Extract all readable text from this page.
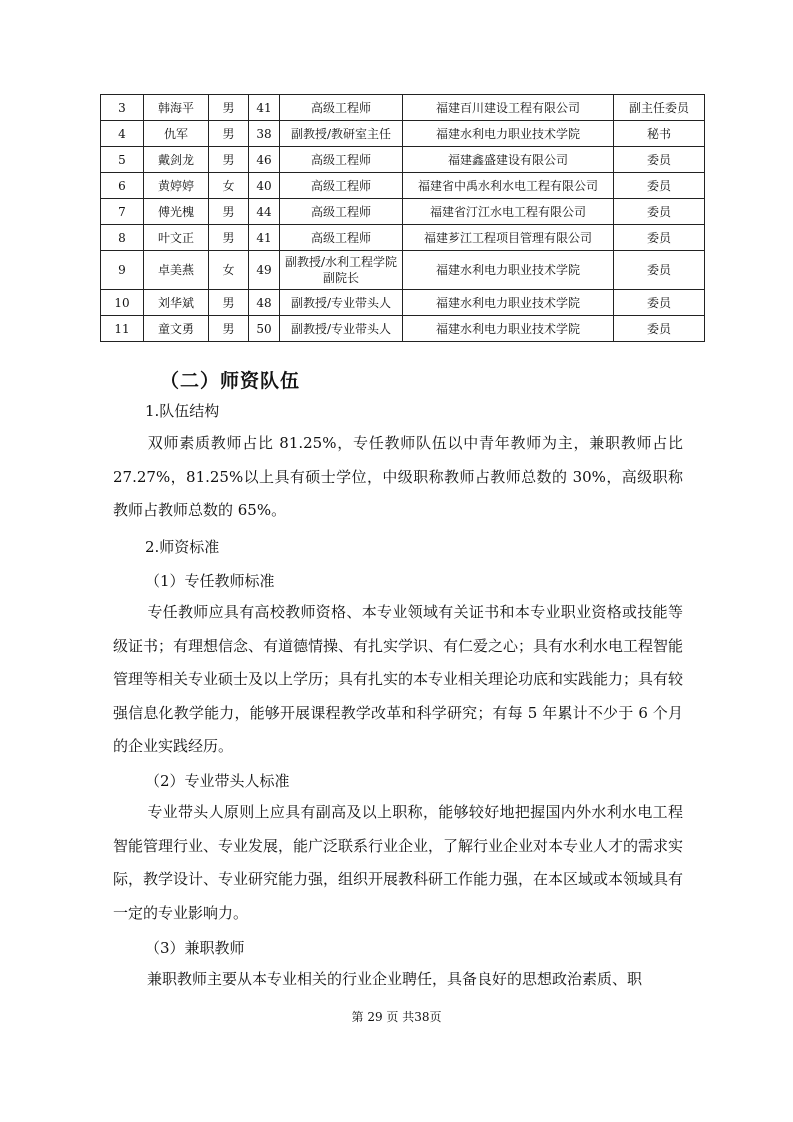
3	韩海平	男	41	高级工程师	福建百川建设工程有限公司	副主任委员
4	仇军	男	38	副教授/教研室主任	福建水利电力职业技术学院	秘书
5	戴剑龙	男	46	高级工程师	福建鑫盛建设有限公司	委员
6	黄婷婷	女	40	高级工程师	福建省中禹水利水电工程有限公司	委员
7	傅光槐	男	44	高级工程师	福建省汀江水电工程有限公司	委员
8	叶文正	男	41	高级工程师	福建芗江工程项目管理有限公司	委员
9	卓美燕	女	49	副教授/水利工程学院副院长	福建水利电力职业技术学院	委员
10	刘华斌	男	48	副教授/专业带头人	福建水利电力职业技术学院	委员
11	童文勇	男	50	副教授/专业带头人	福建水利电力职业技术学院	委员
（二）师资队伍
1.队伍结构

双师素质教师占比 81.25%，专任教师队伍以中青年教师为主，兼职教师占比 27.27%，81.25%以上具有硕士学位，中级职称教师占教师总数的 30%，高级职称教师占教师总数的 65%。

2.师资标准
（1）专任教师标准

专任教师应具有高校教师资格、本专业领域有关证书和本专业职业资格或技能等级证书；有理想信念、有道德情操、有扎实学识、有仁爱之心；具有水利水电工程智能管理等相关专业硕士及以上学历；具有扎实的本专业相关理论功底和实践能力；具有较强信息化教学能力，能够开展课程教学改革和科学研究；有每 5 年累计不少于 6 个月的企业实践经历。

（2）专业带头人标准

专业带头人原则上应具有副高及以上职称，能够较好地把握国内外水利水电工程智能管理行业、专业发展，能广泛联系行业企业，了解行业企业对本专业人才的需求实际，教学设计、专业研究能力强，组织开展教科研工作能力强，在本区域或本领域具有一定的专业影响力。

（3）兼职教师

兼职教师主要从本专业相关的行业企业聘任，具备良好的思想政治素质、职

第 29 页 共38页
